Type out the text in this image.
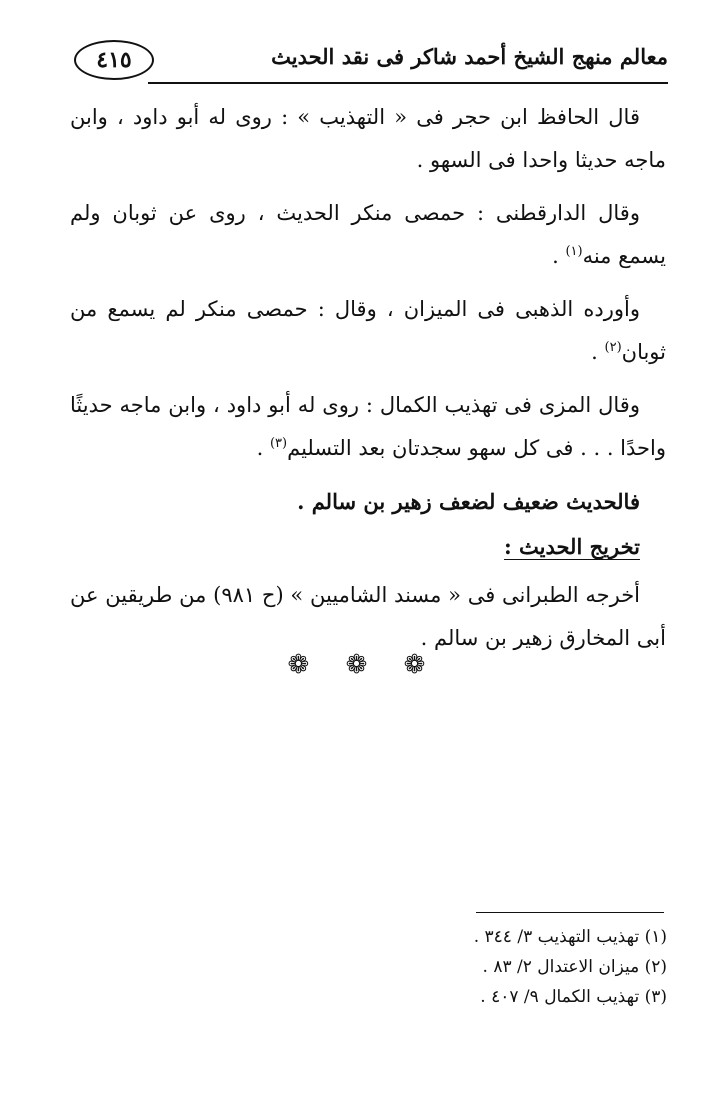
٤١٥	معالم منهج الشيخ أحمد شاكر فى نقد الحديث

قال الحافظ ابن حجر فى « التهذيب » : روى له أبو داود ، وابن ماجه حديثا واحدا فى السهو .

وقال الدارقطنى : حمصى منكر الحديث ، روى عن ثوبان ولم يسمع منه$^{(١)}$ .

وأورده الذهبى فى الميزان ، وقال : حمصى منكر لم يسمع من ثوبان$^{(٢)}$ .

وقال المزى فى تهذيب الكمال : روى له أبو داود ، وابن ماجه حديثًا واحدًا . . . فى كل سهو سجدتان بعد التسليم$^{(٣)}$ .

فالحديث ضعيف لضعف زهير بن سالم .

تخريج الحديث :

أخرجه الطبرانى فى « مسند الشاميين » (ح ٩٨١) من طريقين عن أبى المخارق زهير بن سالم .

❁ ❁ ❁
(١) تهذيب التهذيب ٣/ ٣٤٤ .
(٢) ميزان الاعتدال ٢/ ٨٣ .
(٣) تهذيب الكمال ٩/ ٤٠٧ .
